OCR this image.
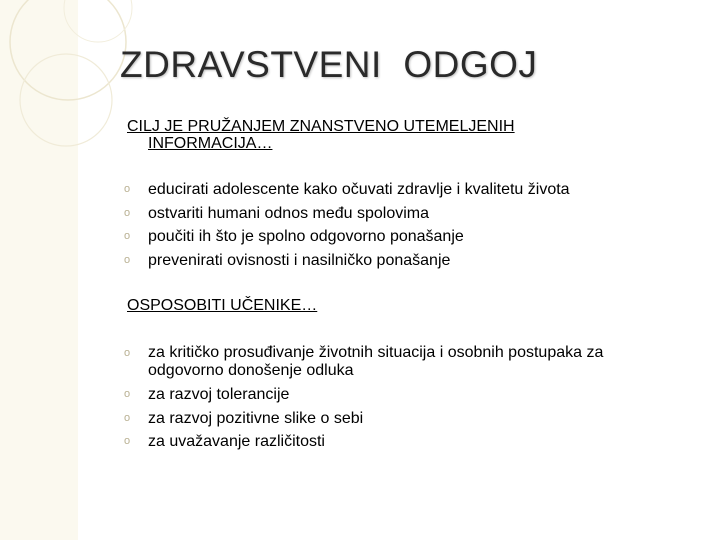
ZDRAVSTVENI  ODGOJ

CILJ JE PRUŽANJEM ZNANSTVENO UTEMELJENIH
INFORMACIJA…

o educirati adolescente kako očuvati zdravlje i kvalitetu života
o ostvariti humani odnos među spolovima
o poučiti ih što je spolno odgovorno ponašanje
o prevenirati ovisnosti i nasilničko ponašanje

OSPOSOBITI UČENIKE…

o za kritičko prosuđivanje životnih situacija i osobnih postupaka za odgovorno donošenje odluka
o za razvoj tolerancije
o za razvoj pozitivne slike o sebi
o za uvažavanje različitosti
